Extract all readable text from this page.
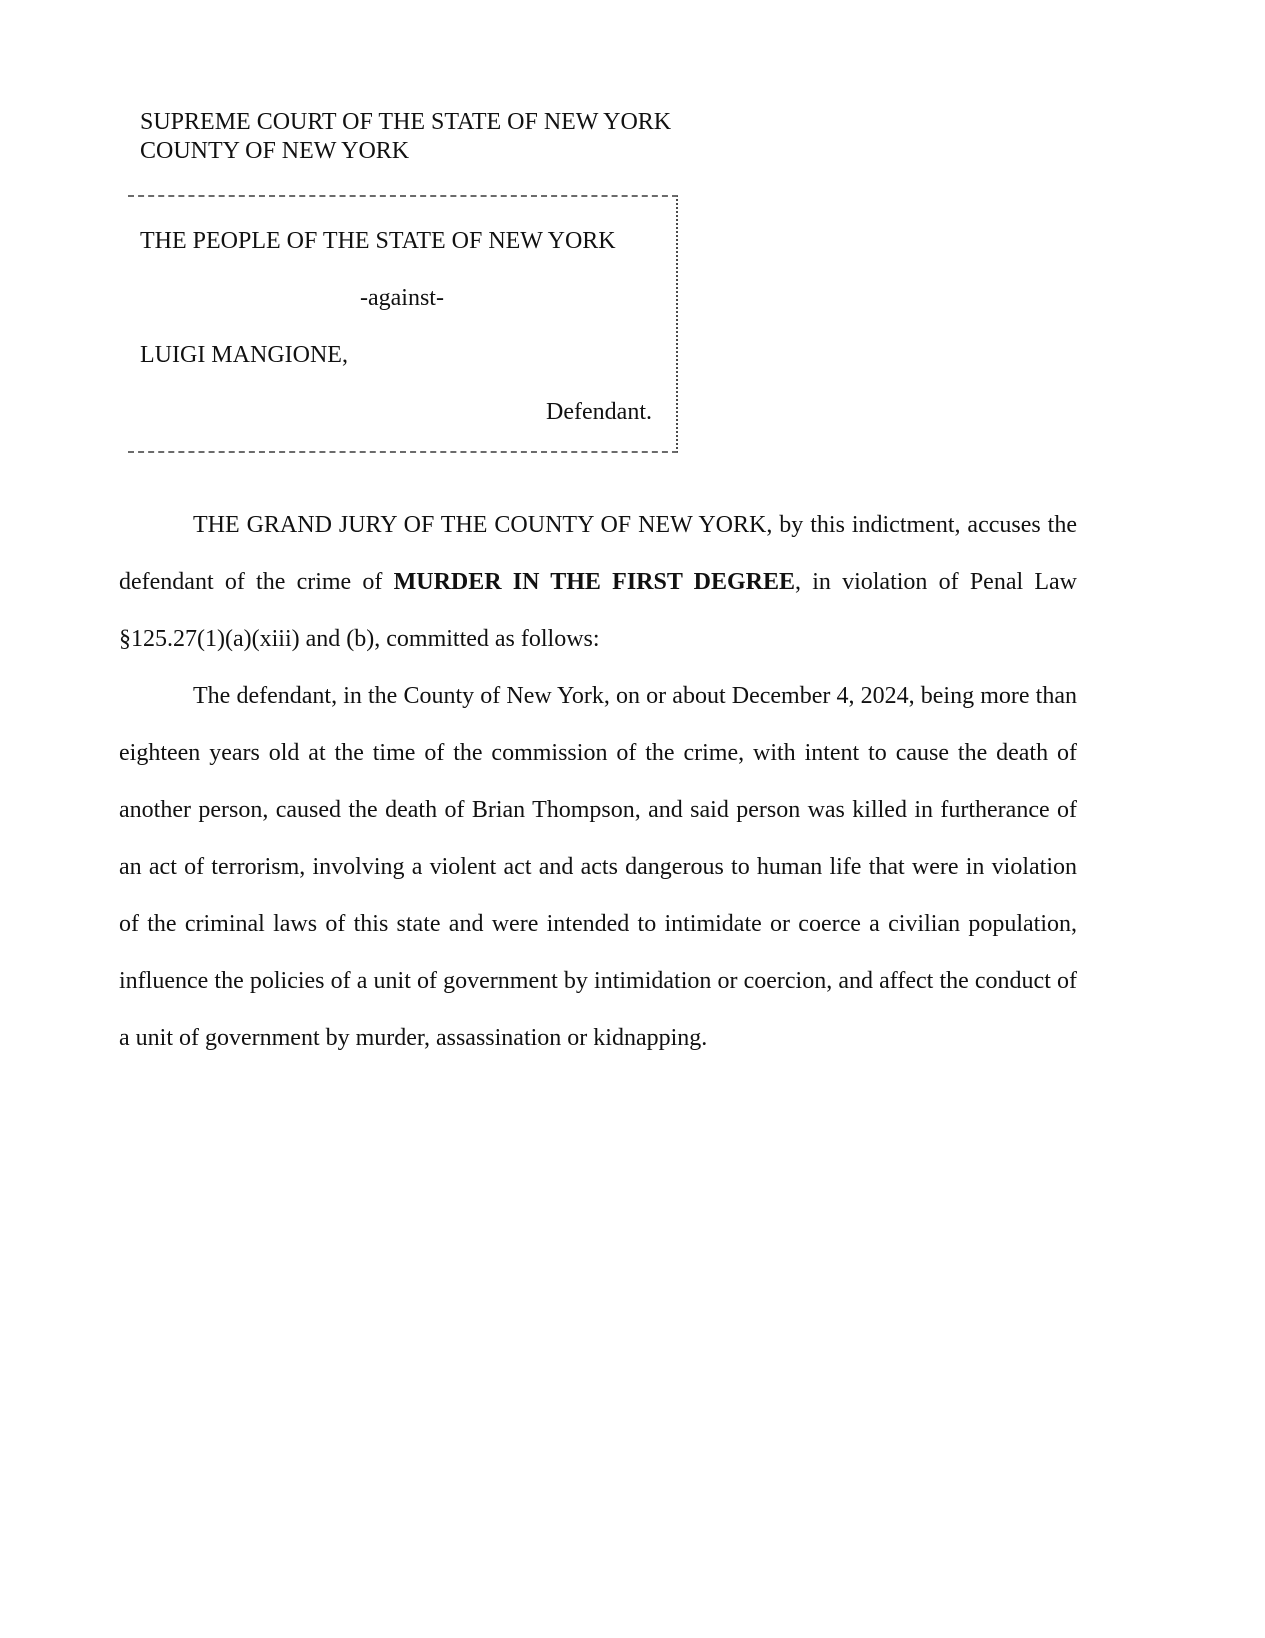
SUPREME COURT OF THE STATE OF NEW YORK
COUNTY OF NEW YORK
THE PEOPLE OF THE STATE OF NEW YORK
-against-
LUIGI MANGIONE,
Defendant.

THE GRAND JURY OF THE COUNTY OF NEW YORK, by this indictment, accuses the defendant of the crime of MURDER IN THE FIRST DEGREE, in violation of Penal Law §125.27(1)(a)(xiii) and (b), committed as follows:

The defendant, in the County of New York, on or about December 4, 2024, being more than eighteen years old at the time of the commission of the crime, with intent to cause the death of another person, caused the death of Brian Thompson, and said person was killed in furtherance of an act of terrorism, involving a violent act and acts dangerous to human life that were in violation of the criminal laws of this state and were intended to intimidate or coerce a civilian population, influence the policies of a unit of government by intimidation or coercion, and affect the conduct of a unit of government by murder, assassination or kidnapping.
